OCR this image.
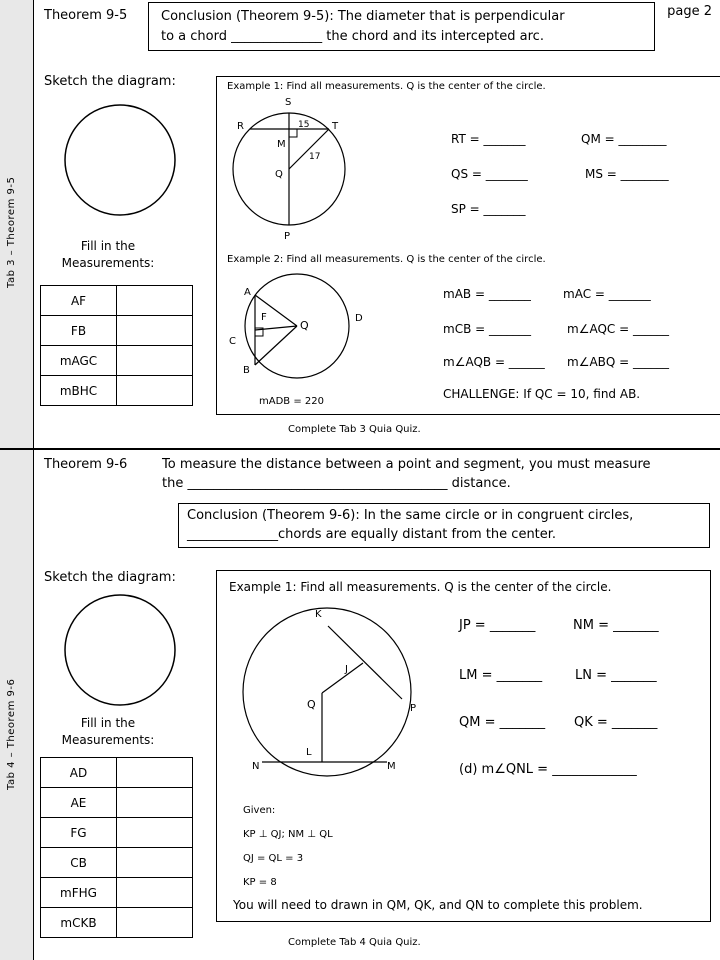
Tab 3 – Theorem 9-5
Tab 4 – Theorem 9-6
page 2
Theorem 9-5	Conclusion (Theorem 9-5): The diameter that is perpendicular
to a chord ______________ the chord and its intercepted arc.
Sketch the diagram:
Fill in the
Measurements:
AF	
FB	
mAGC	
mBHC	
Example 1: Find all measurements. Q is the center of the circle.
S
R	T
M
Q
P
15
17
RT = _______	QM = ________
QS = _______	MS = ________
SP = _______
Example 2: Find all measurements. Q is the center of the circle.
A
F
Q
D
C
B
mADB = 220
mAB = _______	mAC = _______
mCB = _______	m∠AQC = ______
m∠AQB = ______ m∠ABQ = ______
CHALLENGE: If QC = 10, find AB.
Complete Tab 3 Quia Quiz.
Theorem 9-6	To measure the distance between a point and segment, you must measure
the ________________________________________ distance.
Conclusion (Theorem 9-6): In the same circle or in congruent circles,
______________chords are equally distant from the center.
Sketch the diagram:
Fill in the
Measurements:
AD	
AE	
FG	
CB	
mFHG	
mCKB	
Example 1: Find all measurements. Q is the center of the circle.
K
J
Q	P
L
N	M
JP = _______	NM = _______
LM = _______	LN = _______
QM = _______ QK = _______
(d) m∠QNL = _____________
Given:
KP ⊥ QJ; NM ⊥ QL
QJ = QL = 3
KP = 8
You will need to drawn in QM, QK, and QN to complete this problem.
Complete Tab 4 Quia Quiz.
